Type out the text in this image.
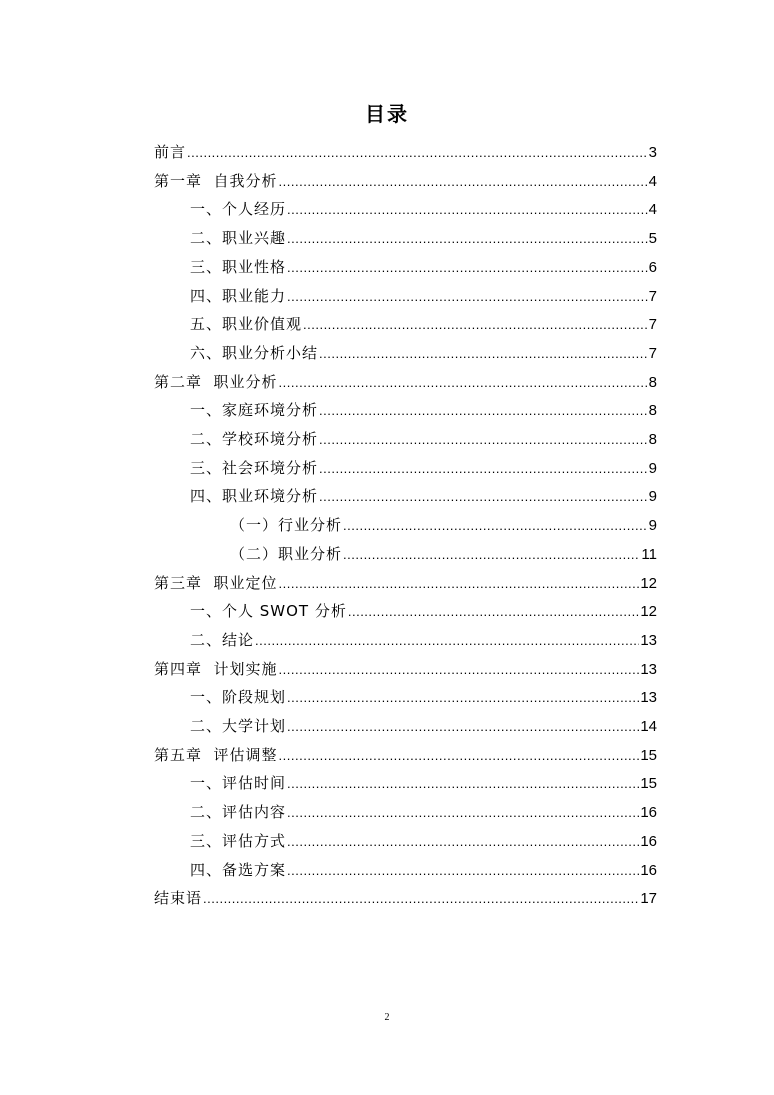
目录
前言 .....	3
第一章  自我分析 .....	4
一、个人经历 .....	4
二、职业兴趣 .....	5
三、职业性格 .....	6
四、职业能力 .....	7
五、职业价值观 .....	7
六、职业分析小结 .....	7
第二章  职业分析 .....	8
一、家庭环境分析 .....	8
二、学校环境分析 .....	8
三、社会环境分析 .....	9
四、职业环境分析 .....	9
（一）行业分析 .....	9
（二）职业分析 .....	11
第三章  职业定位 .....	12
一、个人 SWOT 分析 .....	12
二、结论 .....	13
第四章  计划实施 .....	13
一、阶段规划 .....	13
二、大学计划 .....	14
第五章  评估调整 .....	15
一、评估时间 .....	15
二、评估内容 .....	16
三、评估方式 .....	16
四、备选方案 .....	16
结束语 .....	17
2
